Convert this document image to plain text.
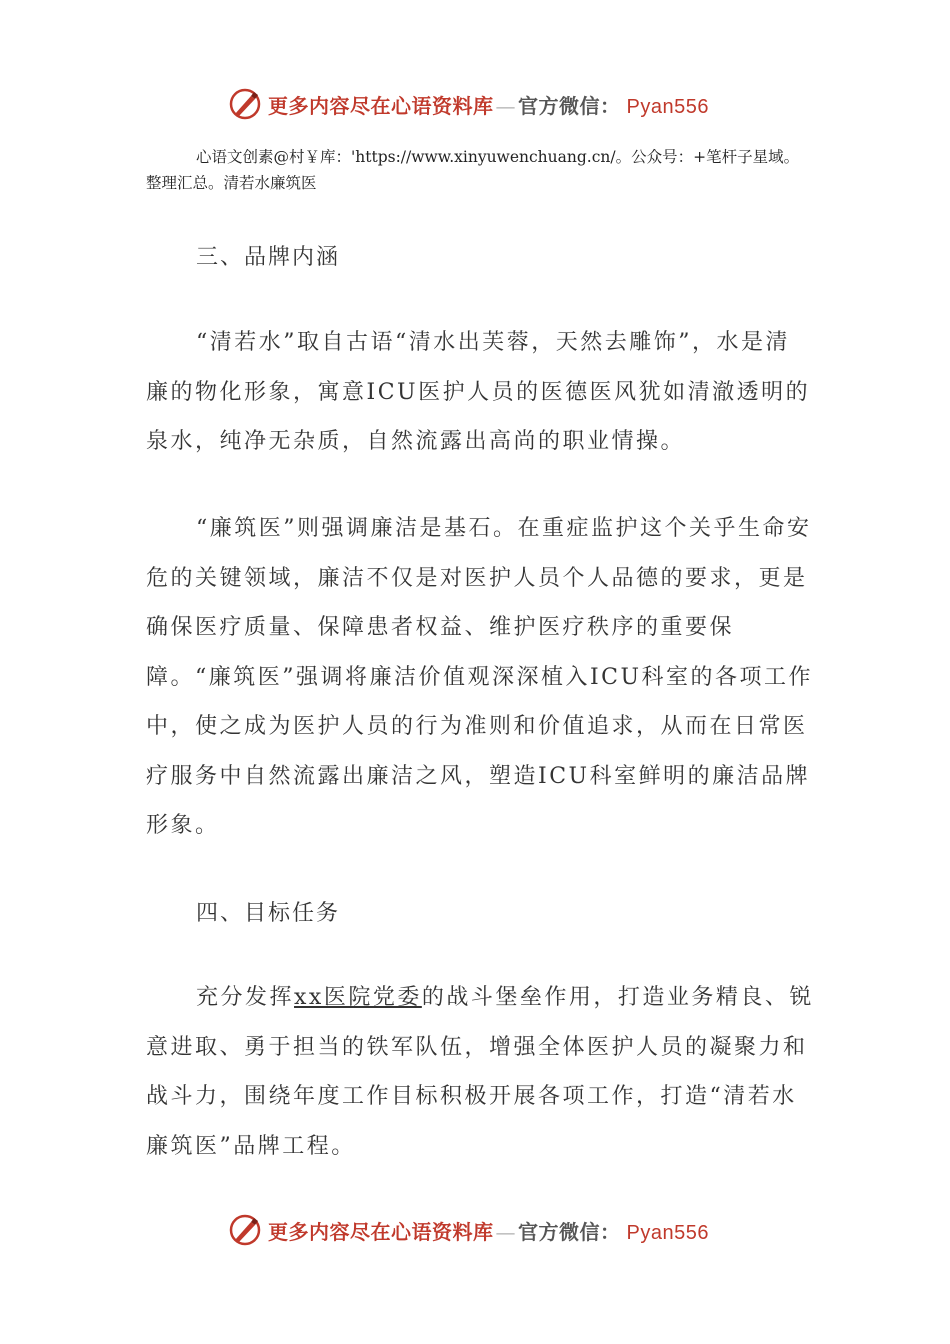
更多内容尽在心语资料库 — 官方微信： Pyan556
心语文创素@村￥库：'https://www.xinyuwenchuang.cn/。公众号：+笔杆子星域。整理汇总。清若水廉筑医
三、品牌内涵
“清若水”取自古语“清水出芙蓉，天然去雕饰”，水是清廉的物化形象，寓意ICU医护人员的医德医风犹如清澈透明的泉水，纯净无杂质，自然流露出高尚的职业情操。
“廉筑医”则强调廉洁是基石。在重症监护这个关乎生命安危的关键领域，廉洁不仅是对医护人员个人品德的要求，更是确保医疗质量、保障患者权益、维护医疗秩序的重要保障。“廉筑医”强调将廉洁价值观深深植入ICU科室的各项工作中，使之成为医护人员的行为准则和价值追求，从而在日常医疗服务中自然流露出廉洁之风，塑造ICU科室鲜明的廉洁品牌形象。
四、目标任务
充分发挥xx医院党委的战斗堡垒作用，打造业务精良、锐意进取、勇于担当的铁军队伍，增强全体医护人员的凝聚力和战斗力，围绕年度工作目标积极开展各项工作，打造“清若水廉筑医”品牌工程。
更多内容尽在心语资料库 — 官方微信： Pyan556
